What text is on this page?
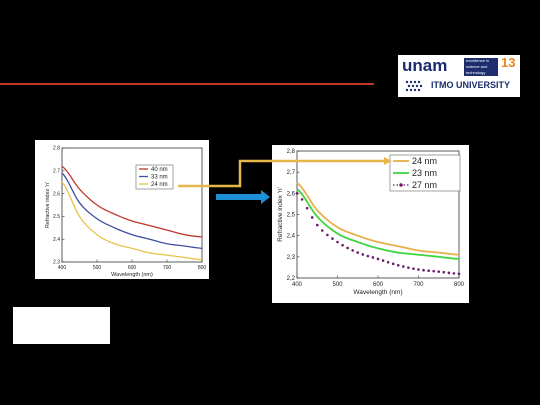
unam	excellence in
science and
technology
ITMO UNIVERSITY
13
400	500	600	700	800
2.3
2.4
2.5
2.6
2.7
2.8
Wavelength (nm)
Refractive index 'n'
40 nm
33 nm
24 nm
400	500	600	700	800
2,2
2,3
2,4
2,5
2,6
2,7
2,8
Wavelength (nm)
Refractive index 'n'
24 nm
23 nm
27 nm
